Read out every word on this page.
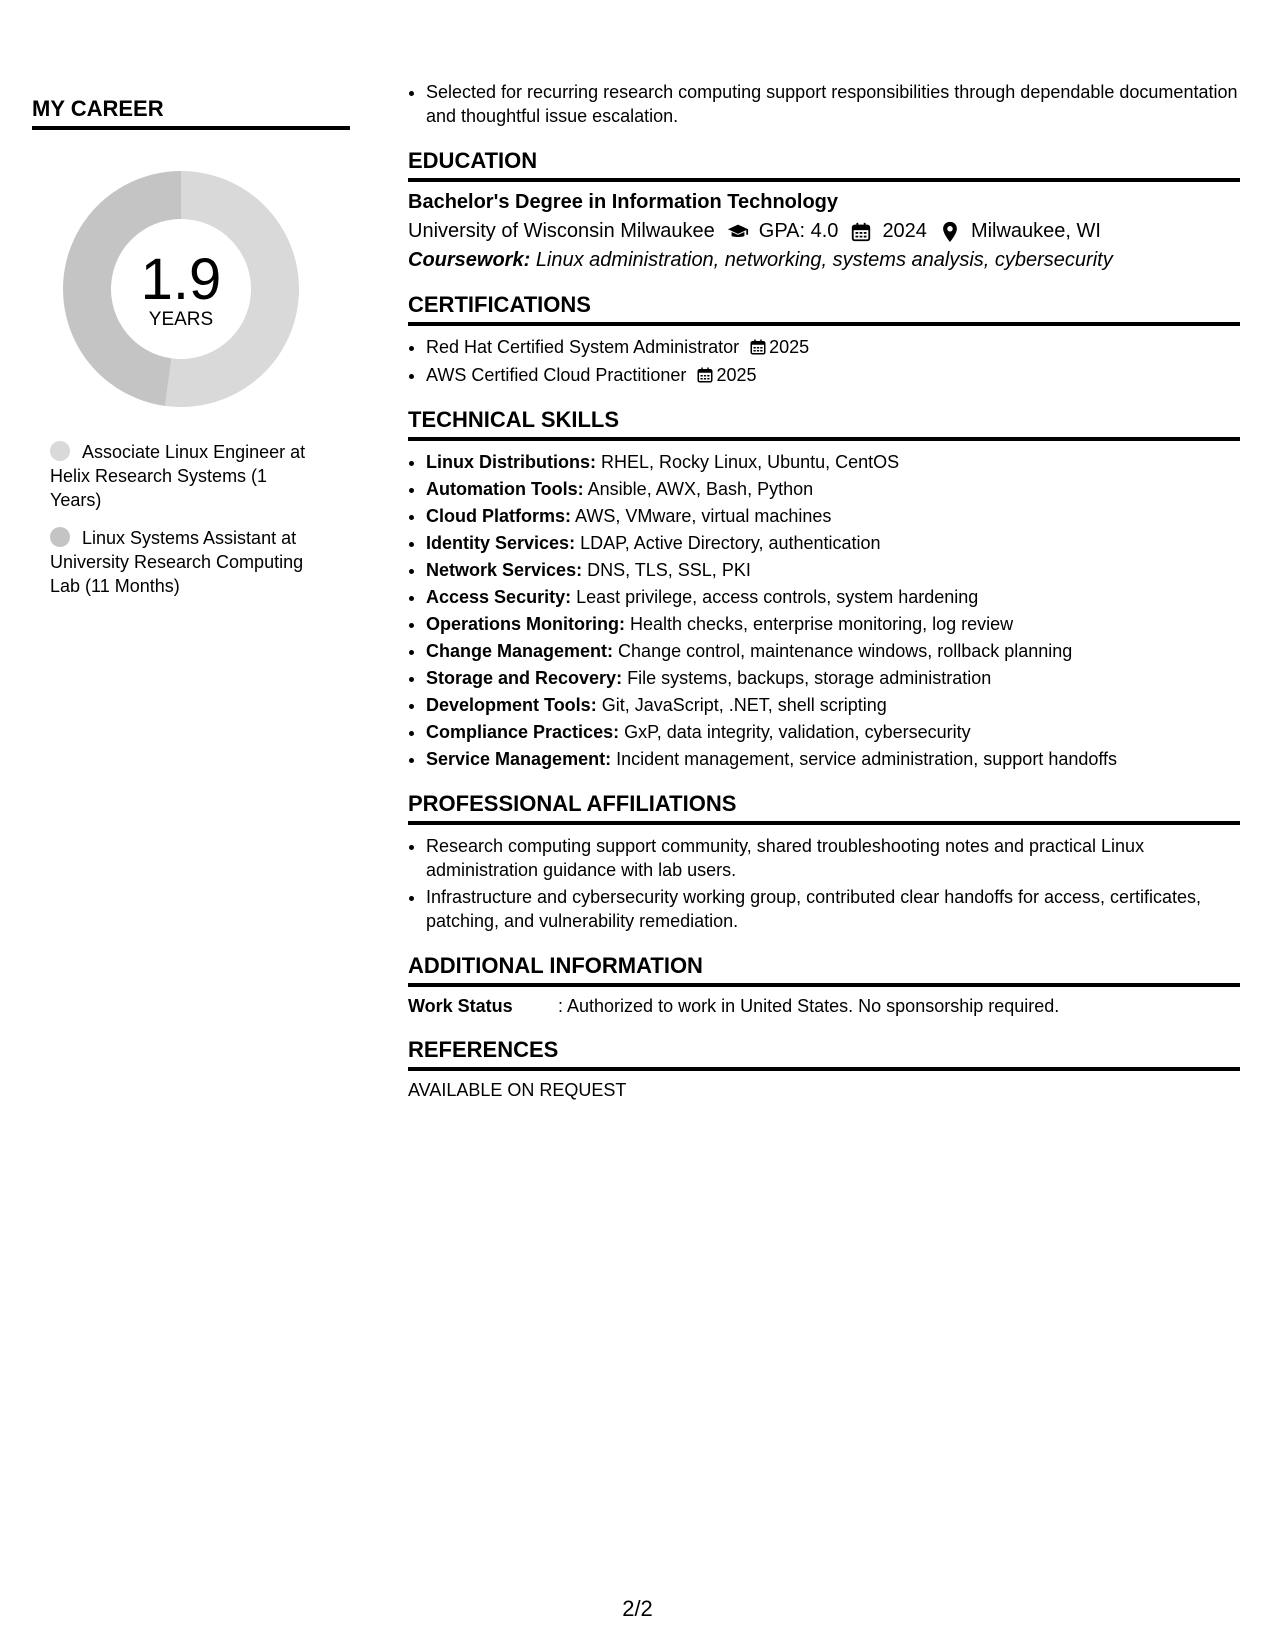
MY CAREER
1.9
YEARS
Associate Linux Engineer at Helix Research Systems (1 Years)
Linux Systems Assistant at University Research Computing Lab (11 Months)
• Selected for recurring research computing support responsibilities through dependable documentation and thoughtful issue escalation.
EDUCATION

Bachelor's Degree in Information Technology

University of Wisconsin Milwaukee GPA: 4.0 2024 Milwaukee, WI

Coursework: Linux administration, networking, systems analysis, cybersecurity

CERTIFICATIONS
• Red Hat Certified System Administrator 2025
• AWS Certified Cloud Practitioner 2025
TECHNICAL SKILLS
• Linux Distributions: RHEL, Rocky Linux, Ubuntu, CentOS
• Automation Tools: Ansible, AWX, Bash, Python
• Cloud Platforms: AWS, VMware, virtual machines
• Identity Services: LDAP, Active Directory, authentication
• Network Services: DNS, TLS, SSL, PKI
• Access Security: Least privilege, access controls, system hardening
• Operations Monitoring: Health checks, enterprise monitoring, log review
• Change Management: Change control, maintenance windows, rollback planning
• Storage and Recovery: File systems, backups, storage administration
• Development Tools: Git, JavaScript, .NET, shell scripting
• Compliance Practices: GxP, data integrity, validation, cybersecurity
• Service Management: Incident management, service administration, support handoffs
PROFESSIONAL AFFILIATIONS
• Research computing support community, shared troubleshooting notes and practical Linux administration guidance with lab users.
• Infrastructure and cybersecurity working group, contributed clear handoffs for access, certificates, patching, and vulnerability remediation.
ADDITIONAL INFORMATION
Work Status	: Authorized to work in United States. No sponsorship required.
REFERENCES

AVAILABLE ON REQUEST

2/2
